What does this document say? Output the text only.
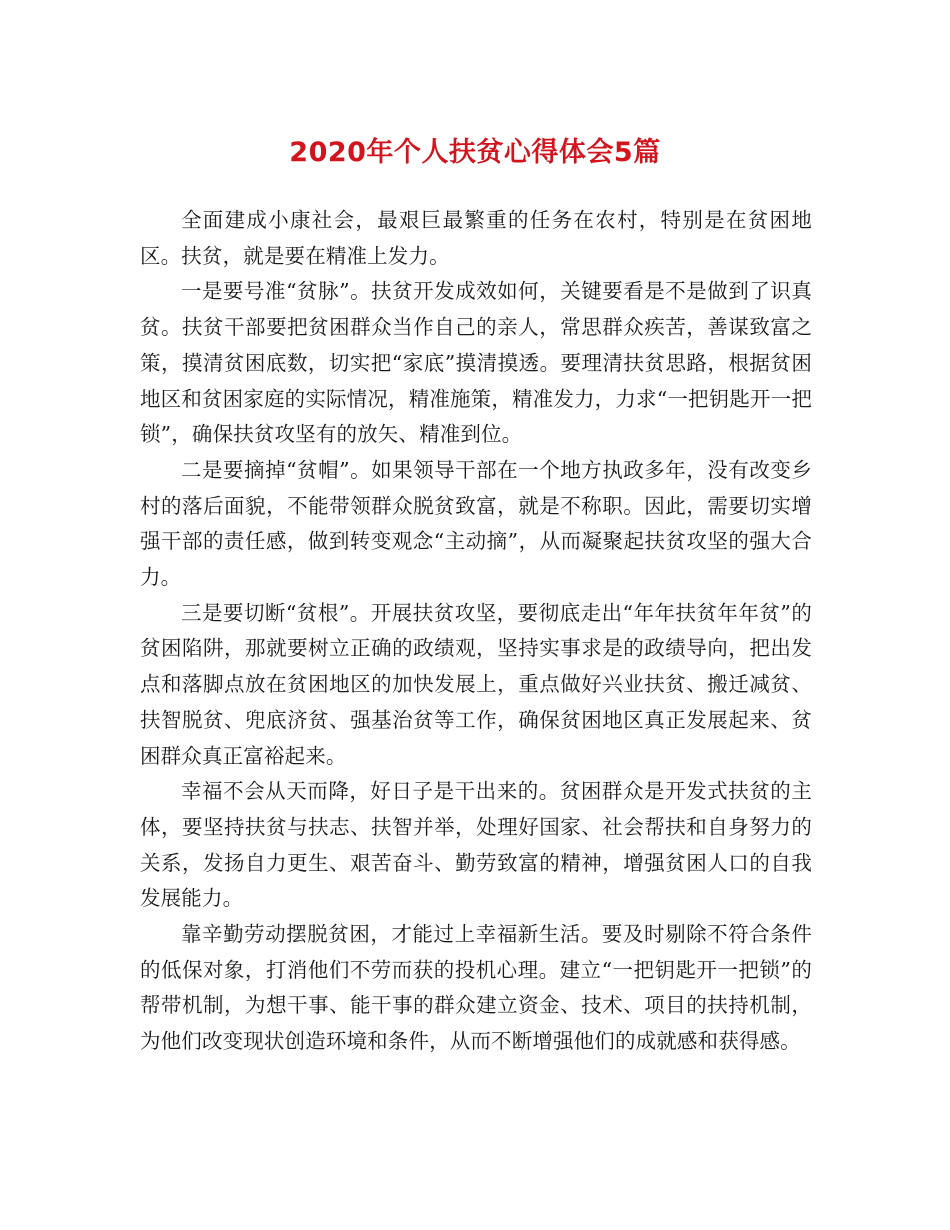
2020年个人扶贫心得体会5篇

全面建成小康社会，最艰巨最繁重的任务在农村，特别是在贫困地区。扶贫，就是要在精准上发力。

一是要号准“贫脉”。扶贫开发成效如何，关键要看是不是做到了识真贫。扶贫干部要把贫困群众当作自己的亲人，常思群众疾苦，善谋致富之策，摸清贫困底数，切实把“家底”摸清摸透。要理清扶贫思路，根据贫困地区和贫困家庭的实际情况，精准施策，精准发力，力求“一把钥匙开一把锁”，确保扶贫攻坚有的放矢、精准到位。

二是要摘掉“贫帽”。如果领导干部在一个地方执政多年，没有改变乡村的落后面貌，不能带领群众脱贫致富，就是不称职。因此，需要切实增强干部的责任感，做到转变观念“主动摘”，从而凝聚起扶贫攻坚的强大合力。

三是要切断“贫根”。开展扶贫攻坚，要彻底走出“年年扶贫年年贫”的贫困陷阱，那就要树立正确的政绩观，坚持实事求是的政绩导向，把出发点和落脚点放在贫困地区的加快发展上，重点做好兴业扶贫、搬迁减贫、扶智脱贫、兜底济贫、强基治贫等工作，确保贫困地区真正发展起来、贫困群众真正富裕起来。

幸福不会从天而降，好日子是干出来的。贫困群众是开发式扶贫的主体，要坚持扶贫与扶志、扶智并举，处理好国家、社会帮扶和自身努力的关系，发扬自力更生、艰苦奋斗、勤劳致富的精神，增强贫困人口的自我发展能力。

靠辛勤劳动摆脱贫困，才能过上幸福新生活。要及时剔除不符合条件的低保对象，打消他们不劳而获的投机心理。建立“一把钥匙开一把锁”的帮带机制，为想干事、能干事的群众建立资金、技术、项目的扶持机制，为他们改变现状创造环境和条件，从而不断增强他们的成就感和获得感。
